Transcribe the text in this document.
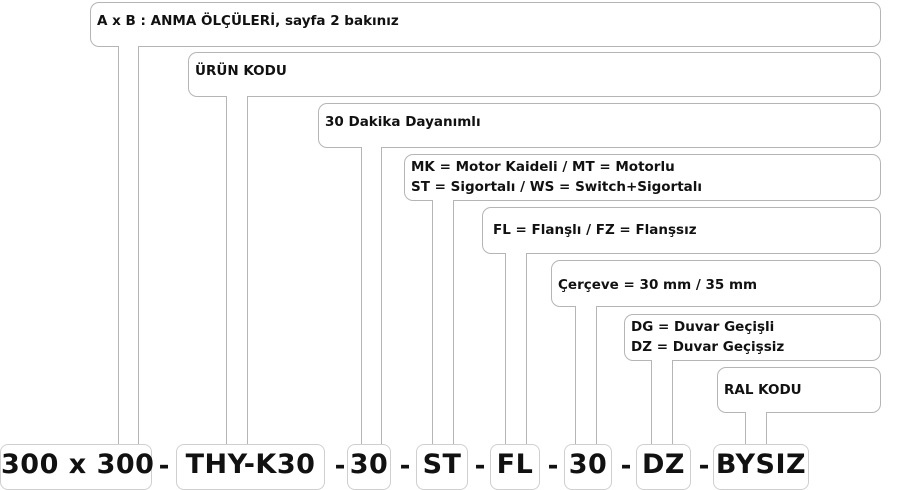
A x B : ANMA ÖLÇÜLERİ, sayfa 2 bakınız
ÜRÜN KODU
30 Dakika Dayanımlı
MK = Motor Kaideli / MT = Motorlu
ST = Sigortalı / WS = Switch+Sigortalı
FL = Flanşlı / FZ = Flanşsız
Çerçeve = 30 mm / 35 mm
DG = Duvar Geçişli
DZ = Duvar Geçişsiz
RAL KODU
300 x 300 - THY-K30 - 30 - ST - FL - 30 - DZ - BYSIZ
